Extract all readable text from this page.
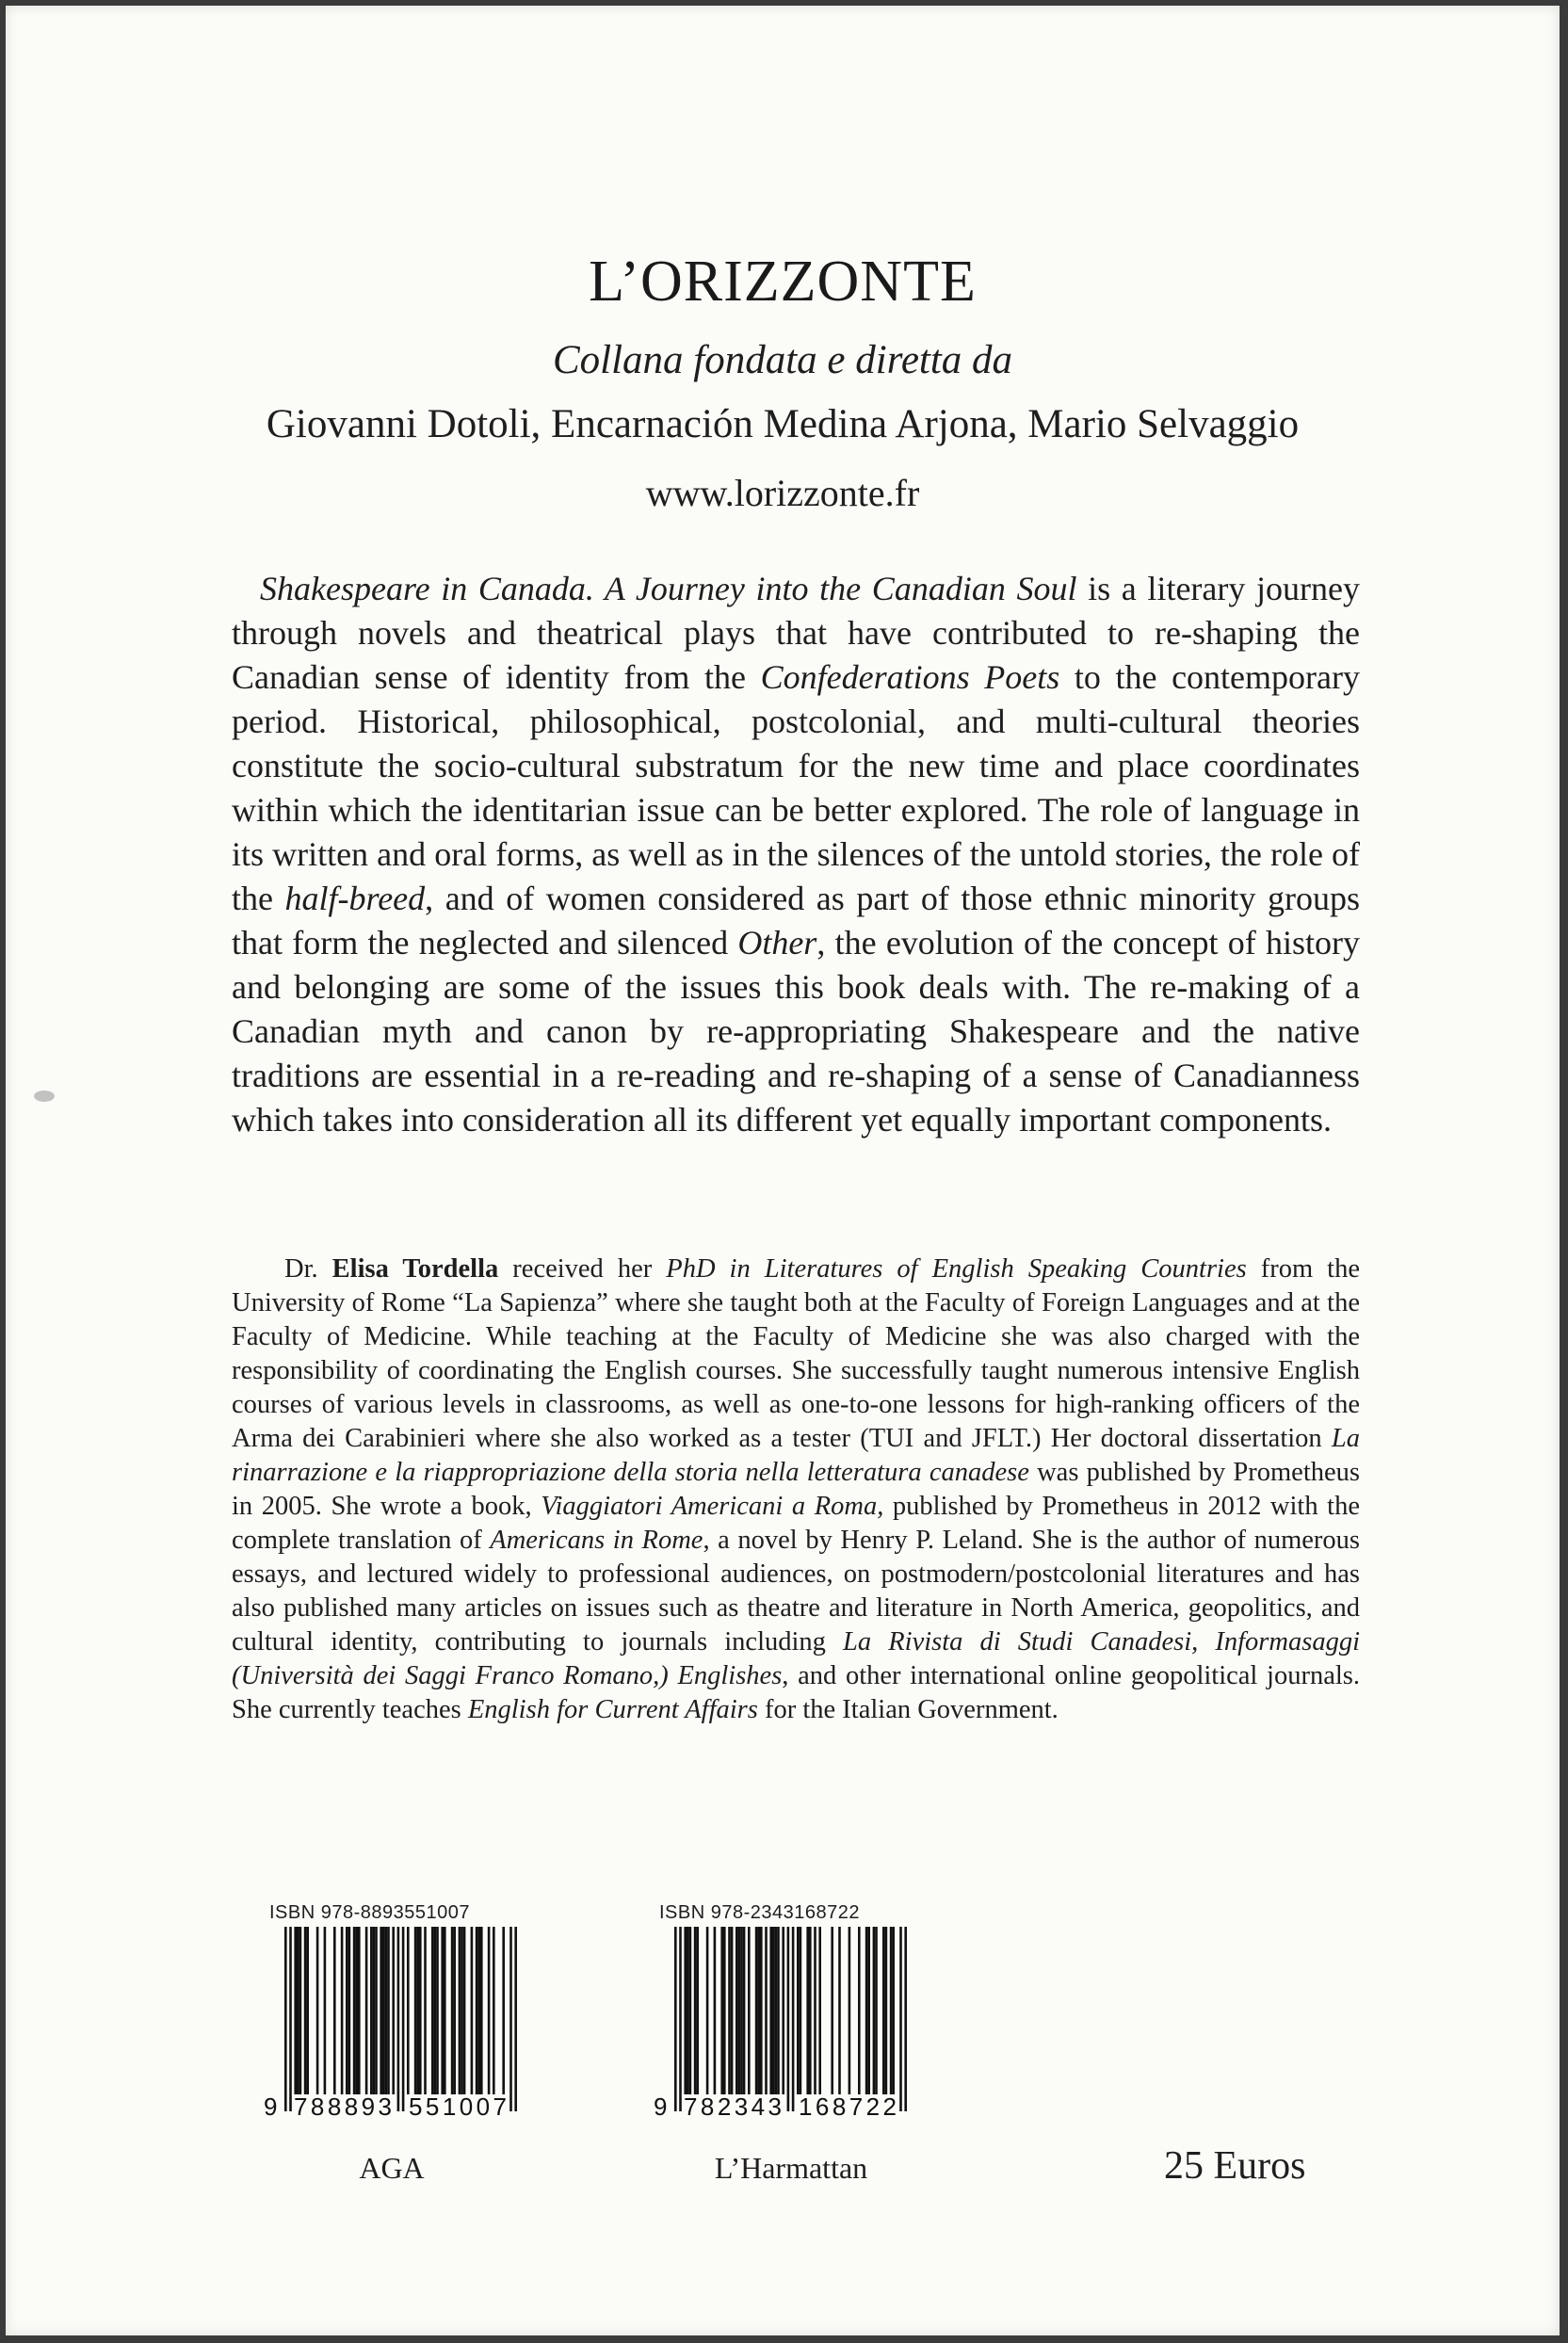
L’ORIZZONTE
Collana fondata e diretta da
Giovanni Dotoli, Encarnación Medina Arjona, Mario Selvaggio
www.lorizzonte.fr
Shakespeare in Canada. A Journey into the Canadian Soul is a literary journey through novels and theatrical plays that have contributed to re-shaping the Canadian sense of identity from the Confederations Poets to the contemporary period. Historical, philosophical, postcolonial, and multi-cultural theories constitute the socio-cultural substratum for the new time and place coordinates within which the identitarian issue can be better explored. The role of language in its written and oral forms, as well as in the silences of the untold stories, the role of the half-breed, and of women considered as part of those ethnic minority groups that form the neglected and silenced Other, the evolution of the concept of history and belonging are some of the issues this book deals with. The re-making of a Canadian myth and canon by re-appropriating Shakespeare and the native traditions are essential in a re-reading and re-shaping of a sense of Canadianness which takes into consideration all its different yet equally important components.
Dr. Elisa Tordella received her PhD in Literatures of English Speaking Countries from the University of Rome “La Sapienza” where she taught both at the Faculty of Foreign Languages and at the Faculty of Medicine. While teaching at the Faculty of Medicine she was also charged with the responsibility of coordinating the English courses. She successfully taught numerous intensive English courses of various levels in classrooms, as well as one-to-one lessons for high-ranking officers of the Arma dei Carabinieri where she also worked as a tester (TUI and JFLT.) Her doctoral dissertation La rinarrazione e la riappropriazione della storia nella letteratura canadese was published by Prometheus in 2005. She wrote a book, Viaggiatori Americani a Roma, published by Prometheus in 2012 with the complete translation of Americans in Rome, a novel by Henry P. Leland. She is the author of numerous essays, and lectured widely to professional audiences, on postmodern/postcolonial literatures and has also published many articles on issues such as theatre and literature in North America, geopolitics, and cultural identity, contributing to journals including La Rivista di Studi Canadesi, Informasaggi (Università dei Saggi Franco Romano,) Englishes, and other international online geopolitical journals. She currently teaches English for Current Affairs for the Italian Government.
ISBN 978-8893551007
9 788893 551007
ISBN 978-2343168722
9 782343 168722
AGA	L’Harmattan	25 Euros
